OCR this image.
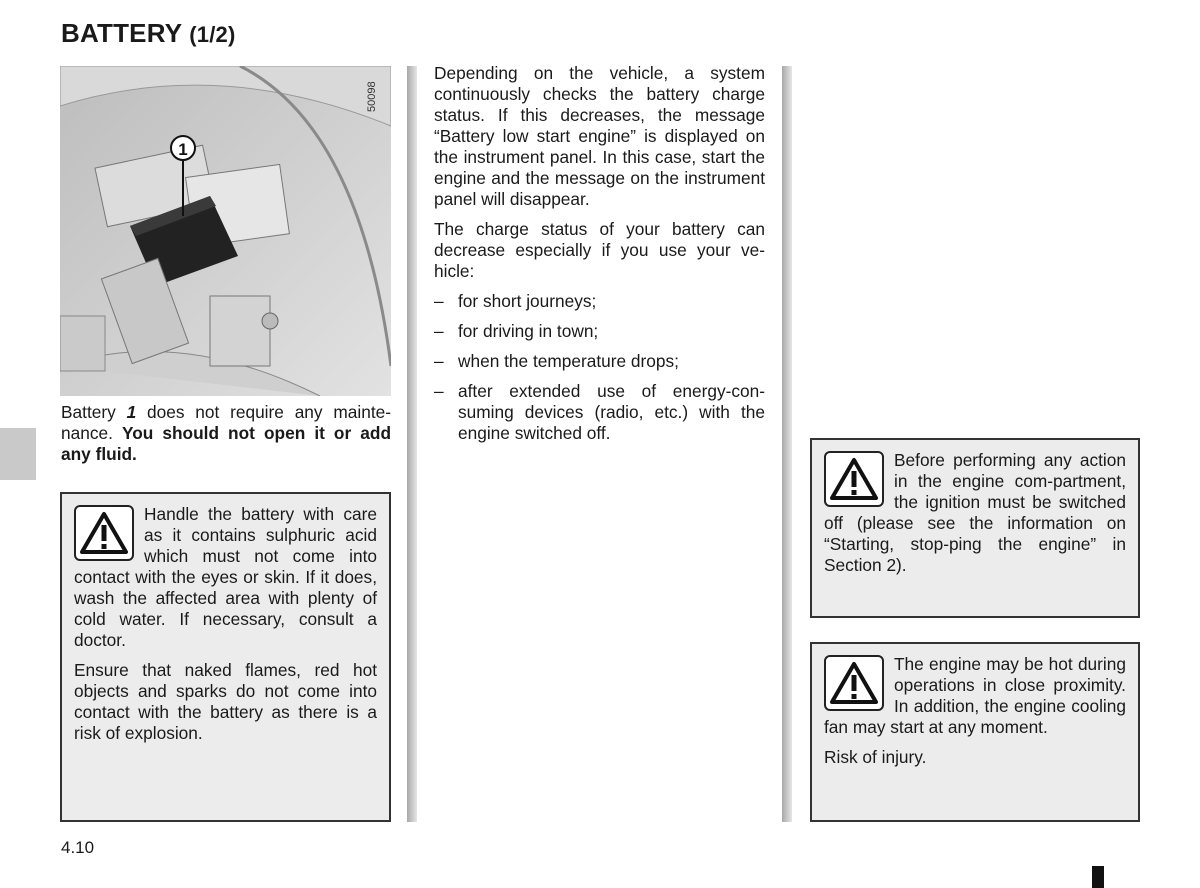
BATTERY (1/2)
1
50098
Battery 1 does not require any mainte-nance. You should not open it or add any fluid.

Handle the battery with care as it contains sulphuric acid which must not come into contact with the eyes or skin. If it does, wash the affected area with plenty of cold water. If necessary, consult a doctor.

Ensure that naked flames, red hot objects and sparks do not come into contact with the battery as there is a risk of explosion.

Depending on the vehicle, a system continuously checks the battery charge status. If this decreases, the message “Battery low start engine” is displayed on the instrument panel. In this case, start the engine and the message on the instrument panel will disappear.

The charge status of your battery can decrease especially if you use your ve-hicle:

– for short journeys;
– for driving in town;
– when the temperature drops;
– after extended use of energy-con-suming devices (radio, etc.) with the engine switched off.

Before performing any action in the engine com-partment, the ignition must be switched off (please see the information on “Starting, stop-ping the engine” in Section 2).

The engine may be hot during operations in close proximity. In addition, the engine cooling fan may start at any moment.

Risk of injury.

4.10
